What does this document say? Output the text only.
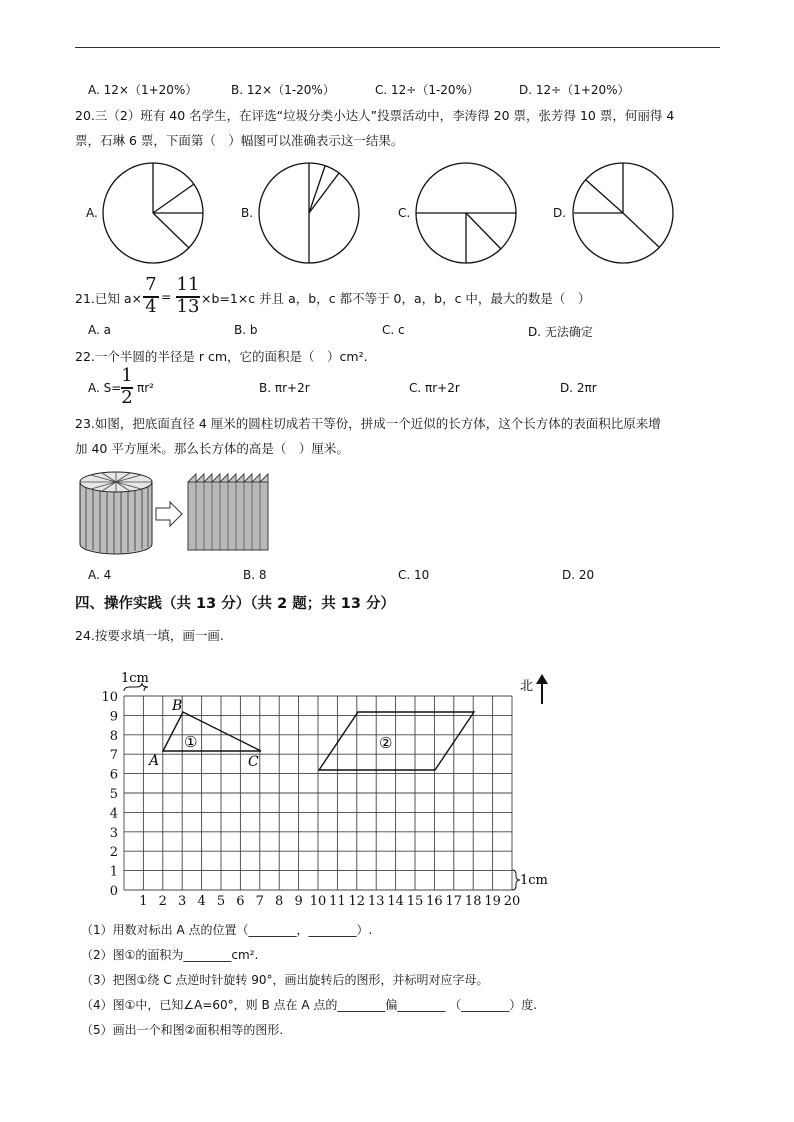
A. 12×（1+20%）	B. 12×（1-20%）	C. 12÷（1-20%）	D. 12÷（1+20%）
20.三（2）班有 40 名学生，在评选“垃圾分类小达人”投票活动中，李涛得 20 票，张芳得 10 票，何丽得 4
票，石琳 6 票，下面第（　）幅图可以准确表示这一结果。
A.	B.	C.	D.
21.已知 a×
7
4 =
11
13 ×b=1×c 并且 a，b，c 都不等于 0，a，b，c 中，最大的数是（　）
A. a	B. b	C. c	D. 无法确定
22.一个半圆的半径是 r cm，它的面积是（　）cm².
A. S=
1
2 πr²	B. πr+2r	C. πr+2r	D. 2πr
23.如图，把底面直径 4 厘米的圆柱切成若干等份，拼成一个近似的长方体，这个长方体的表面积比原来增
加 40 平方厘米。那么长方体的高是（　）厘米。
A. 4	B. 8	C. 10	D. 20
四、操作实践（共 13 分）（共 2 题；共 13 分）
24.按要求填一填，画一画.
1 2 3 4 5 6 7 8 9 10 11 12 13 14 15 16 17 18 19 20
0
1
2
3
4
5
6
7
8
9
10
1cm
1cm
北
A
B
C
①	②
（1）用数对标出 A 点的位置（________，________）.
（2）图①的面积为________cm².
（3）把图①绕 C 点逆时针旋转 90°，画出旋转后的图形，并标明对应字母。
（4）图①中，已知∠A=60°，则 B 点在 A 点的________偏________ （________）度.
（5）画出一个和图②面积相等的图形.
